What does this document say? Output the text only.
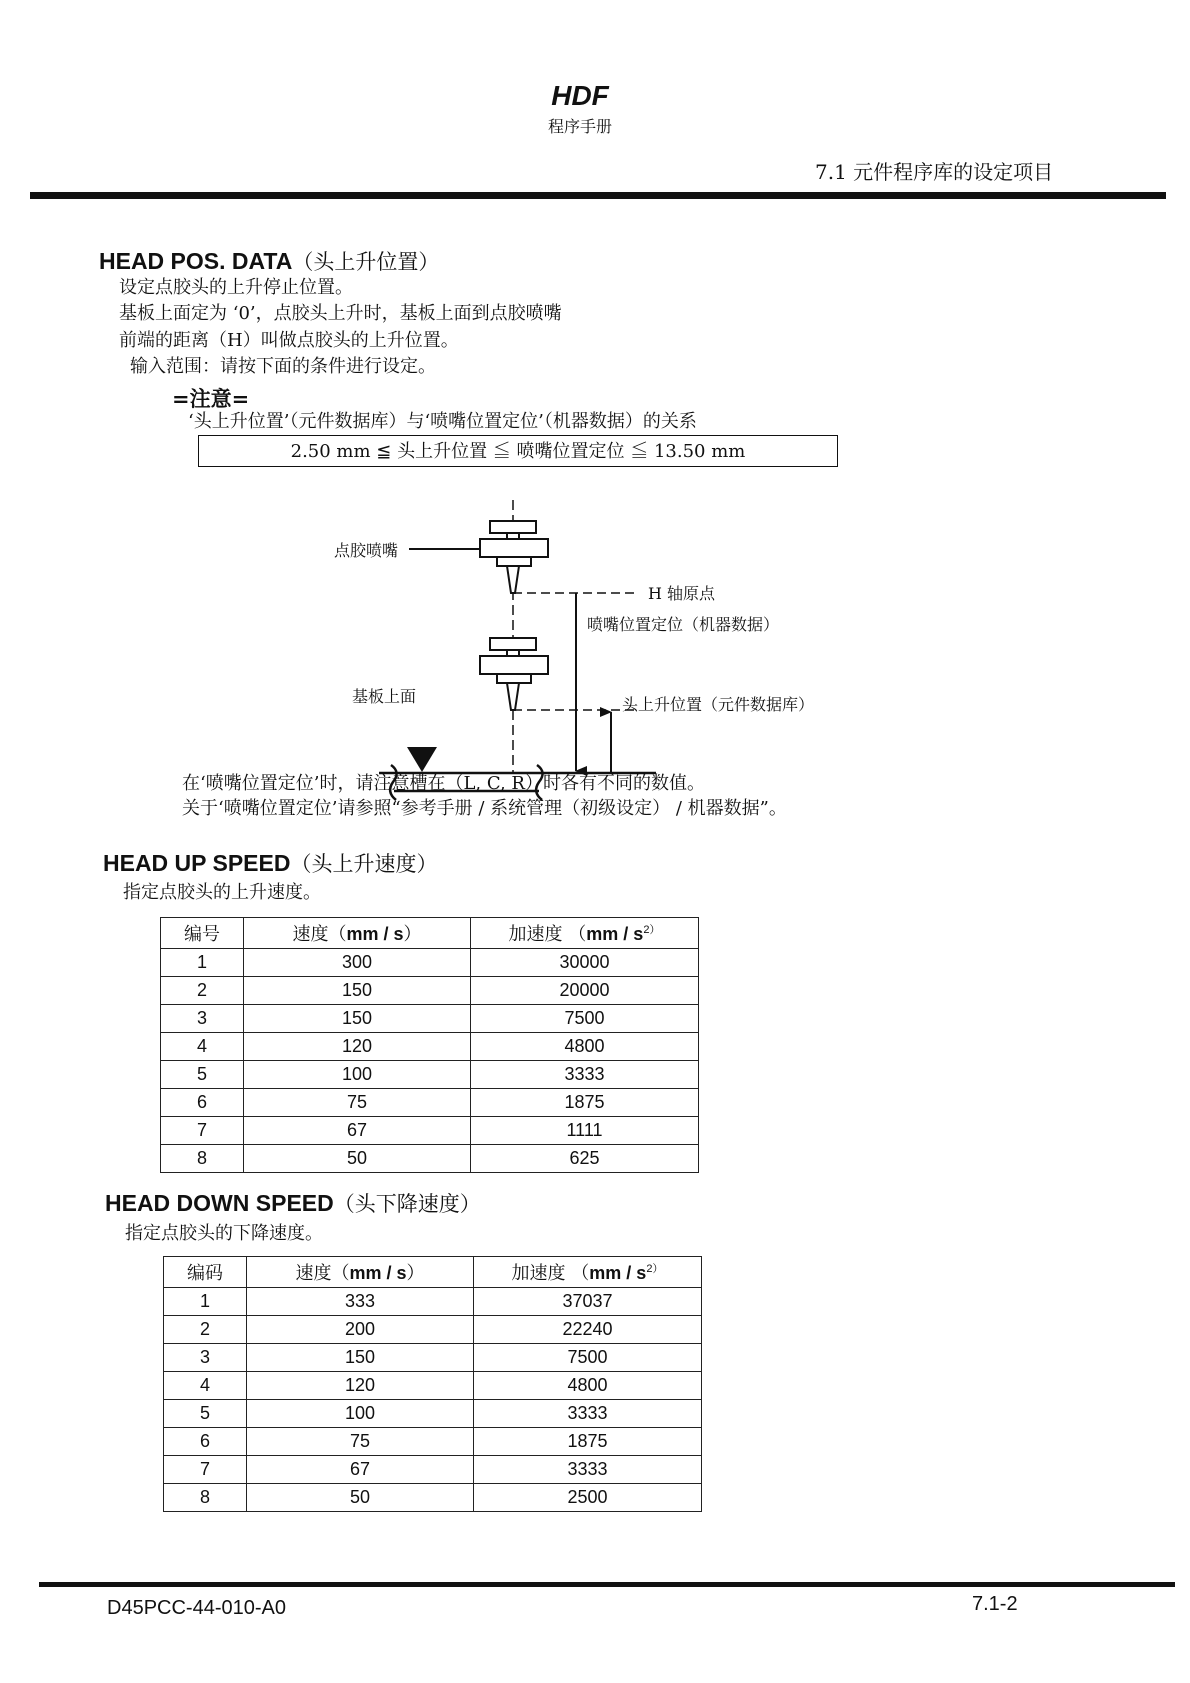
HDF
程序手册
7.1 元件程序库的设定项目
HEAD POS. DATA（头上升位置）
设定点胶头的上升停止位置。
基板上面定为 ‘0’，点胶头上升时，基板上面到点胶喷嘴
前端的距离（H）叫做点胶头的上升位置。
输入范围：请按下面的条件进行设定。
=注意=
‘头上升位置’（元件数据库）与‘喷嘴位置定位’（机器数据）的关系
2.50 mm ≦ 头上升位置 ≦ 喷嘴位置定位 ≦ 13.50 mm
点胶喷嘴
H 轴原点
喷嘴位置定位（机器数据）
头上升位置（元件数据库）
基板上面
在‘喷嘴位置定位’时，请注意槽在（L, C, R）时各有不同的数值。
关于‘喷嘴位置定位’请参照“参考手册 / 系统管理（初级设定） / 机器数据”。
HEAD UP SPEED（头上升速度）
指定点胶头的上升速度。
编号	速度（mm / s）	加速度 （$mm / s^{2)}$
1	300	30000
2	150	20000
3	150	7500
4	120	4800
5	100	3333
6	75	1875
7	67	1111
8	50	625
HEAD DOWN SPEED（头下降速度）
指定点胶头的下降速度。
编码	速度（mm / s）	加速度 （$mm / s^{2)}$
1	333	37037
2	200	22240
3	150	7500
4	120	4800
5	100	3333
6	75	1875
7	67	3333
8	50	2500
D45PCC-44-010-A0	7.1-2
